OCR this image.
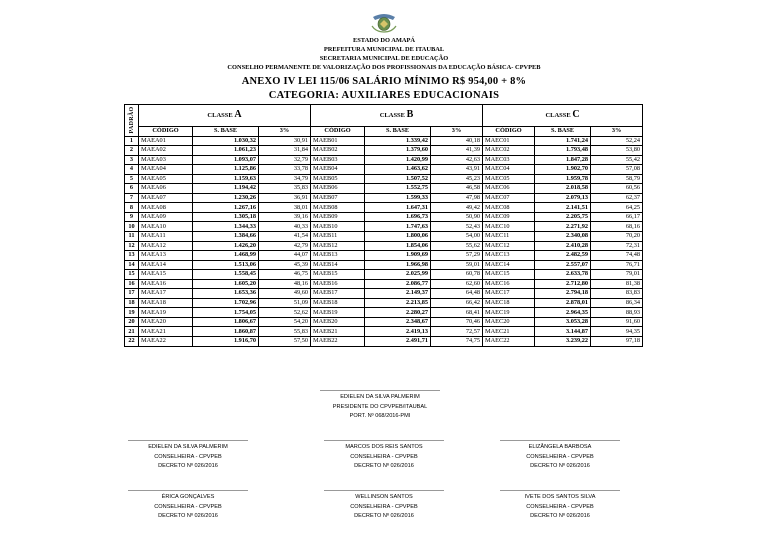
ESTADO DO AMAPÁ
PREFEITURA MUNICIPAL DE ITAUBAL
SECRETARIA MUNICIPAL DE EDUCAÇÃO
CONSELHO PERMANENTE DE VALORIZAÇÃO DOS PROFISSIONAIS DA EDUCAÇÃO BÁSICA- CPVPEB
ANEXO IV LEI 115/06 SALÁRIO MÍNIMO R$ 954,00 + 8%
CATEGORIA: AUXILIARES EDUCACIONAIS
PADRÃO	CLASSE A			CLASSE B			CLASSE C		
	CÓDIGO	S. BASE	3%	CÓDIGO	S. BASE	3%	CÓDIGO	S. BASE	3%
1	MAEA01	1.030,32	30,91	MAEB01	1.339,42	40,18	MAEC01	1.741,24	52,24
2	MAEA02	1.061,23	31,84	MAEB02	1.379,60	41,39	MAEC02	1.793,48	53,80
3	MAEA03	1.093,07	32,79	MAEB03	1.420,99	42,63	MAEC03	1.847,28	55,42
4	MAEA04	1.125,86	33,78	MAEB04	1.463,62	43,91	MAEC04	1.902,70	57,08
5	MAEA05	1.159,63	34,79	MAEB05	1.507,52	45,23	MAEC05	1.959,78	58,79
6	MAEA06	1.194,42	35,83	MAEB06	1.552,75	46,58	MAEC06	2.018,58	60,56
7	MAEA07	1.230,26	36,91	MAEB07	1.599,33	47,98	MAEC07	2.079,13	62,37
8	MAEA08	1.267,16	38,01	MAEB08	1.647,31	49,42	MAEC08	2.141,51	64,25
9	MAEA09	1.305,18	39,16	MAEB09	1.696,73	50,90	MAEC09	2.205,75	66,17
10	MAEA10	1.344,33	40,33	MAEB10	1.747,63	52,43	MAEC10	2.271,92	68,16
11	MAEA11	1.384,66	41,54	MAEB11	1.800,06	54,00	MAEC11	2.340,08	70,20
12	MAEA12	1.426,20	42,79	MAEB12	1.854,06	55,62	MAEC12	2.410,28	72,31
13	MAEA13	1.468,99	44,07	MAEB13	1.909,69	57,29	MAEC13	2.482,59	74,48
14	MAEA14	1.513,06	45,39	MAEB14	1.966,98	59,01	MAEC14	2.557,07	76,71
15	MAEA15	1.558,45	46,75	MAEB15	2.025,99	60,78	MAEC15	2.633,78	79,01
16	MAEA16	1.605,20	48,16	MAEB16	2.086,77	62,60	MAEC16	2.712,80	81,38
17	MAEA17	1.653,36	49,60	MAEB17	2.149,37	64,48	MAEC17	2.794,18	83,83
18	MAEA18	1.702,96	51,09	MAEB18	2.213,85	66,42	MAEC18	2.878,01	86,34
19	MAEA19	1.754,05	52,62	MAEB19	2.280,27	68,41	MAEC19	2.964,35	88,93
20	MAEA20	1.806,67	54,20	MAEB20	2.348,67	70,46	MAEC20	3.053,28	91,60
21	MAEA21	1.860,87	55,83	MAEB21	2.419,13	72,57	MAEC21	3.144,87	94,35
22	MAEA22	1.916,70	57,50	MAEB22	2.491,71	74,75	MAEC22	3.239,22	97,18
EDIELEN DA SILVA PALMERIM
PRESIDENTE DO CPVPEB/ITAUBAL
PORT. Nº 068/2016-PMI
EDIELEN DA SILVA PALMERIM
CONSELHEIRA - CPVPEB
DECRETO Nº 026/2016
MARCOS DOS REIS SANTOS
CONSELHEIRA - CPVPEB
DECRETO Nº 026/2016
ELIZÂNGELA BARBOSA
CONSELHEIRA - CPVPEB
DECRETO Nº 026/2016
ÉRICA GONÇALVES
CONSELHEIRA - CPVPEB
DECRETO Nº 026/2016
WELLINSON SANTOS
CONSELHEIRA - CPVPEB
DECRETO Nº 026/2016
IVETE DOS SANTOS SILVA
CONSELHEIRA - CPVPEB
DECRETO Nº 026/2016
